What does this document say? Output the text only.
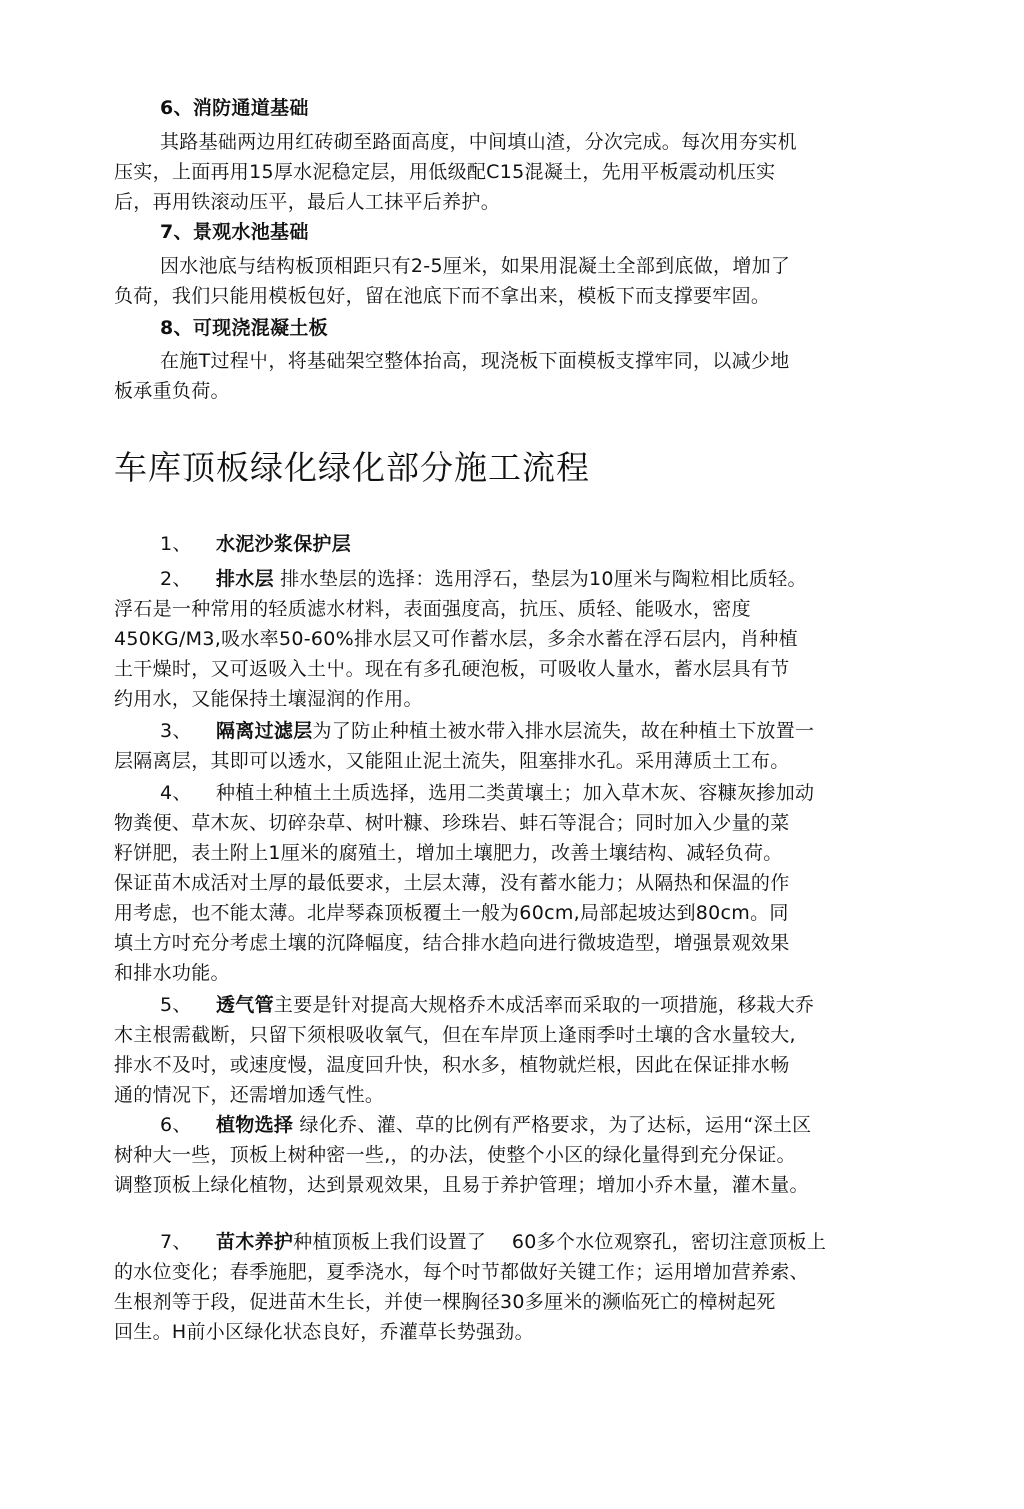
6、消防通道基础
其路基础两边用红砖砌至路面高度，中间填山渣，分次完成。每次用夯实机
压实，上面再用15厚水泥稳定层，用低级配C15混凝土，先用平板震动机压实
后，再用铁滚动压平，最后人工抹平后养护。
7、景观水池基础
因水池底与结构板顶相距只有2-5厘米，如果用混凝土全部到底做，增加了
负荷，我们只能用模板包好，留在池底下而不拿出来，模板下而支撑要牢固。
8、可现浇混凝土板
在施T过程屮，将基础架空整体抬高，现浇板下面模板支撑牢同，以减少地
板承重负荷。
车库顶板绿化绿化部分施工流程
1、 水泥沙浆保护层
2、 排水层 排水垫层的选择：选用浮石，垫层为10厘米与陶粒相比质轻。
浮石是一种常用的轻质滤水材料，表面强度高，抗压、质轻、能吸水，密度
450KG/M3,吸水率50-60%排水层又可作蓄水层，多余水蓄在浮石层内，肖种植
土干燥时，又可返吸入土屮。现在有多孔硬泡板，可吸收人量水，蓄水层具有节
约用水，又能保持土壤湿润的作用。
3、 隔离过滤层为了防止种植土被水带入排水层流失，故在种植土下放置一
层隔离层，其即可以透水，又能阻止泥土流失，阻塞排水孔。采用薄质土工布。
4、 种植土种植土土质选择，选用二类黄壤土；加入草木灰、容糠灰掺加动
物粪便、草木灰、切碎杂草、树叶糠、珍珠岩、蚌石等混合；同时加入少量的菜
籽饼肥，表土附上1厘米的腐殖土，增加土壤肥力，改善土壤结构、减轻负荷。
保证苗木成活对土厚的最低要求，土层太薄，没有蓄水能力；从隔热和保温的作
用考虑，也不能太薄。北岸琴森顶板覆土一般为60cm,局部起坡达到80cm。同
填土方吋充分考虑土壤的沉降幅度，结合排水趋向进行微坡造型，增强景观效果
和排水功能。
5、 透气管主要是针对提高大规格乔木成活率而采取的一项措施，移栽大乔
木主根需截断，只留下须根吸收氧气，但在车岸顶上逢雨季吋土壤的含水量较大,
排水不及吋，或速度慢，温度回升快，积水多，植物就烂根，因此在保证排水畅
通的情况下，还需增加透气性。
6、 植物选择 绿化乔、灌、草的比例有严格要求，为了达标，运用“深土区
树种大一些，顶板上树种密一些,，的办法，使整个小区的绿化量得到充分保证。
调整顶板上绿化植物，达到景观效果，且易于养护管理；增加小乔木量，灌木量。
7、 苗木养护种植顶板上我们设置了　 60多个水位观察孔，密切注意顶板上
的水位变化；春季施肥，夏季浇水，每个吋节都做好关键工作；运用增加营养索、
生根剂等于段，促进苗木生长，并使一棵胸径30多厘米的濒临死亡的樟树起死
回生。H前小区绿化状态良好，乔灌草长势强劲。
